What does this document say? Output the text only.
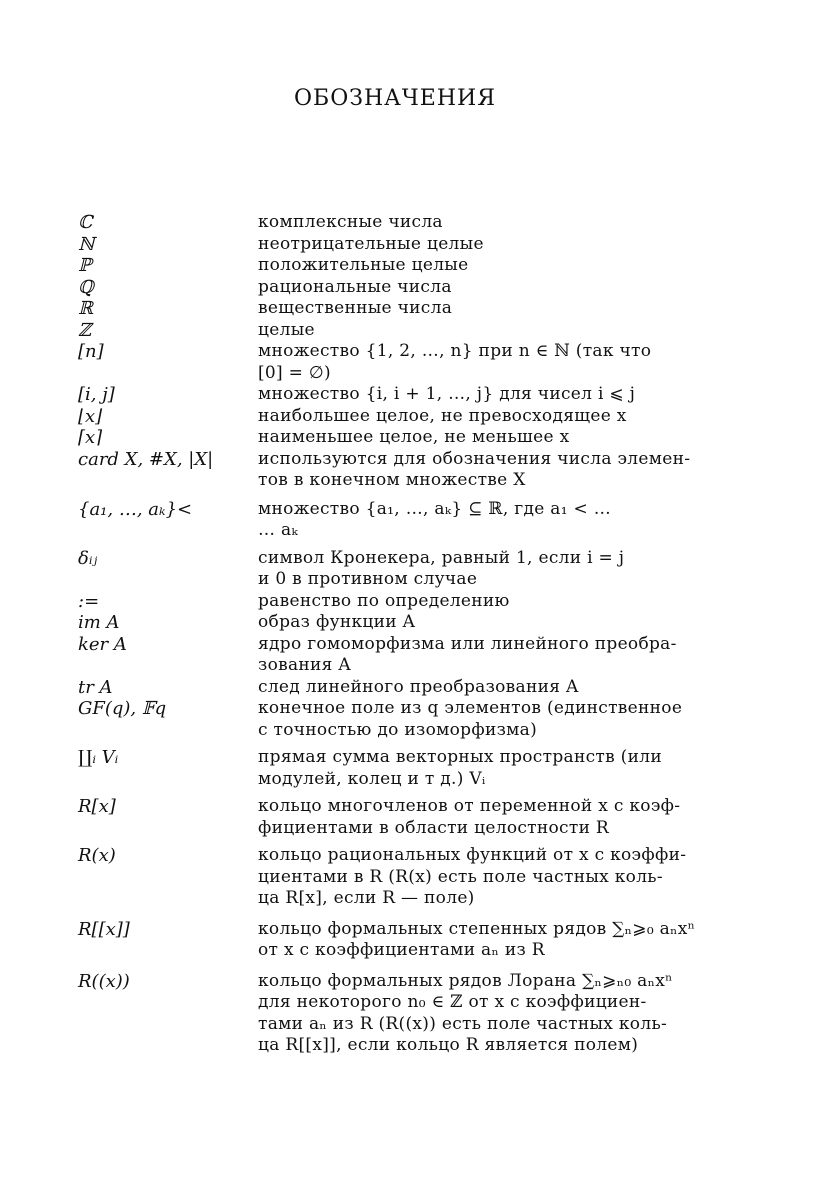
ОБОЗНАЧЕНИЯ
ℂ	комплексные числа
ℕ	неотрицательные целые
ℙ	положительные целые
ℚ	рациональные числа
ℝ	вещественные числа
ℤ	целые
[n]	множество {1, 2, …, n} при n ∈ ℕ (так что
[0] = ∅)
[i, j]	множество {i, i + 1, …, j} для чисел i ⩽ j
⌊x⌋	наибольшее целое, не превосходящее x
⌈x⌉	наименьшее целое, не меньшее x
card X, #X, |X|	используются для обозначения числа элемен-
тов в конечном множестве X
{a₁, …, aₖ}<	множество {a₁, …, aₖ} ⊆ ℝ, где a₁ < …
… aₖ
δᵢⱼ	символ Кронекера, равный 1, если i = j
и 0 в противном случае
:=	равенство по определению
im A	образ функции A
ker A	ядро гомоморфизма или линейного преобра-
зования A
tr A	след линейного преобразования A
GF(q), 𝔽q	конечное поле из q элементов (единственное
с точностью до изоморфизма)
∐ᵢ Vᵢ	прямая сумма векторных пространств (или
модулей, колец и т д.) Vᵢ
R[x]	кольцо многочленов от переменной x с коэф-
фициентами в области целостности R
R(x)	кольцо рациональных функций от x с коэффи-
циентами в R (R(x) есть поле частных коль-
ца R[x], если R — поле)
R[[x]]	кольцо формальных степенных рядов ∑ₙ⩾₀ aₙxⁿ
от x с коэффициентами aₙ из R
R((x))	кольцо формальных рядов Лорана ∑ₙ⩾ₙ₀ aₙxⁿ
для некоторого n₀ ∈ ℤ от x с коэффициен-
тами aₙ из R (R((x)) есть поле частных коль-
ца R[[x]], если кольцо R является полем)
